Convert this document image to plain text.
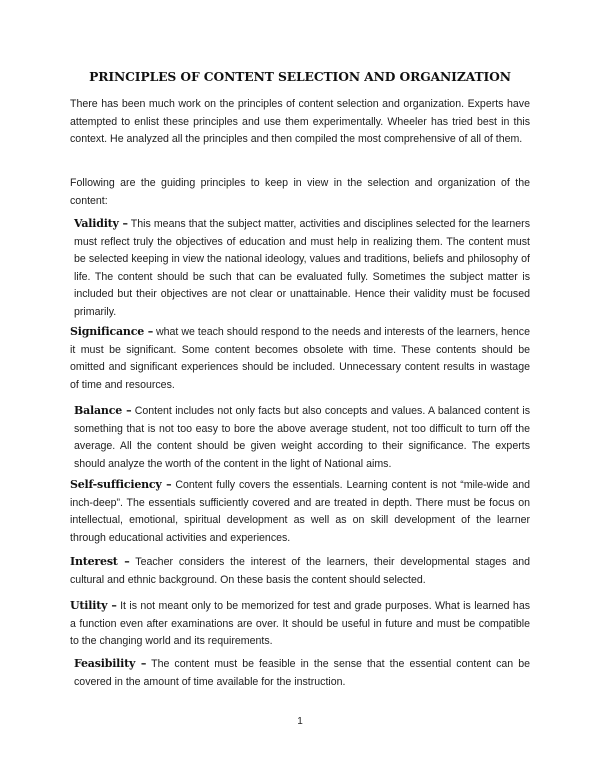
PRINCIPLES OF CONTENT SELECTION AND ORGANIZATION

There has been much work on the principles of content selection and organization. Experts have attempted to enlist these principles and use them experimentally. Wheeler has tried best in this context. He analyzed all the principles and then compiled the most comprehensive of all of them.

Following are the guiding principles to keep in view in the selection and organization of the content:

Validity – This means that the subject matter, activities and disciplines selected for the learners must reflect truly the objectives of education and must help in realizing them. The content must be selected keeping in view the national ideology, values and traditions, beliefs and philosophy of life. The content should be such that can be evaluated fully. Sometimes the subject matter is included but their objectives are not clear or unattainable. Hence their validity must be focused primarily.

Significance – what we teach should respond to the needs and interests of the learners, hence it must be significant. Some content becomes obsolete with time. These contents should be omitted and significant experiences should be included. Unnecessary content results in wastage of time and resources.

Balance – Content includes not only facts but also concepts and values. A balanced content is something that is not too easy to bore the above average student, not too difficult to turn off the average. All the content should be given weight according to their significance. The experts should analyze the worth of the content in the light of National aims.

Self-sufficiency – Content fully covers the essentials. Learning content is not “mile-wide and inch-deep”. The essentials sufficiently covered and are treated in depth. There must be focus on intellectual, emotional, spiritual development as well as on skill development of the learner through educational activities and experiences.

Interest – Teacher considers the interest of the learners, their developmental stages and cultural and ethnic background. On these basis the content should selected.

Utility – It is not meant only to be memorized for test and grade purposes. What is learned has a function even after examinations are over. It should be useful in future and must be compatible to the changing world and its requirements.

Feasibility – The content must be feasible in the sense that the essential content can be covered in the amount of time available for the instruction.

1
